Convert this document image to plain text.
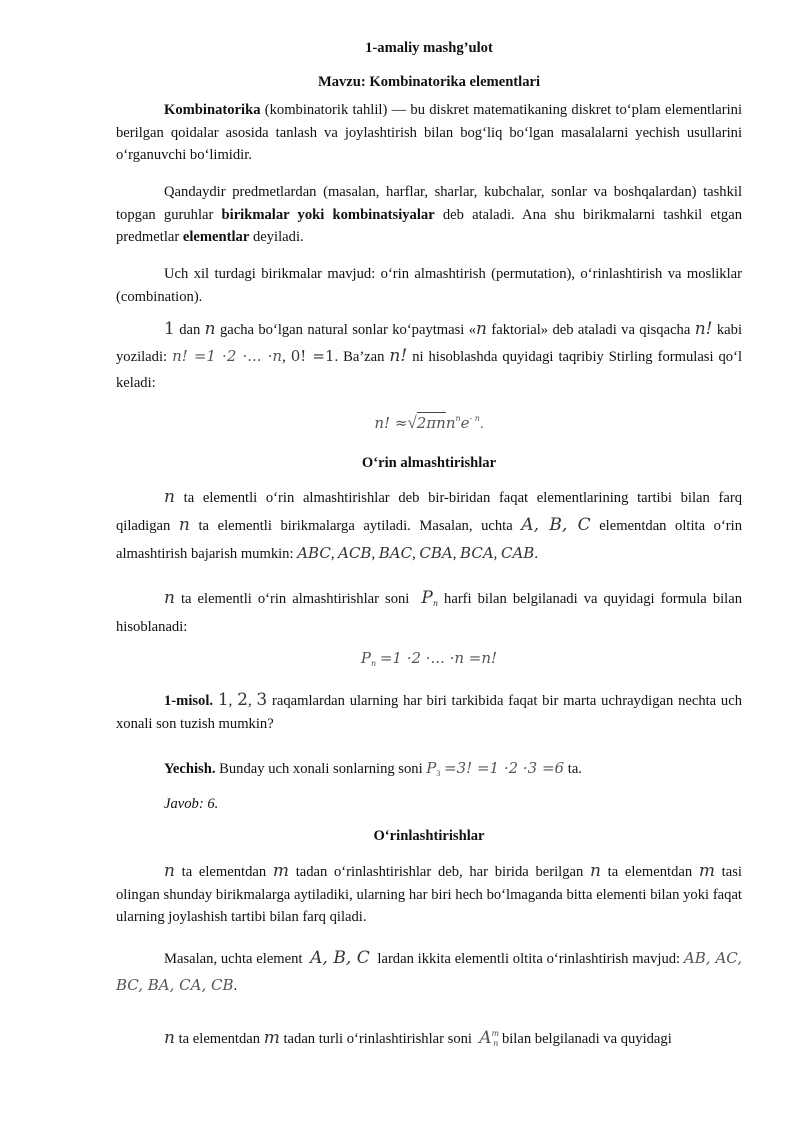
1-amaliy mashg’ulot
Mavzu: Kombinatorika elementlari

Kombinatorika (kombinatorik tahlil) — bu diskret matematikaning diskret to‘plam elementlarini berilgan qoidalar asosida tanlash va joylashtirish bilan bog‘liq bo‘lgan masalalarni yechish usullarini o‘rganuvchi bo‘limidir.

Qandaydir predmetlardan (masalan, harflar, sharlar, kubchalar, sonlar va boshqalardan) tashkil topgan guruhlar birikmalar yoki kombinatsiyalar deb ataladi. Ana shu birikmalarni tashkil etgan predmetlar elementlar deyiladi.

Uch xil turdagi birikmalar mavjud: o‘rin almashtirish (permutation), o‘rinlashtirish va mosliklar (combination).

1 dan n gacha bo‘lgan natural sonlar ko‘paytmasi «n faktorial» deb ataladi va qisqacha n! kabi yoziladi: n! =1 ·2 ·... ·n, 0! =1. Ba’zan n! ni hisoblashda quyidagi taqribiy Stirling formulasi qo‘l keladi:

n! $\approx√2\pi nn^ne^{- n}$.
O‘rin almashtirishlar

n ta elementli o‘rin almashtirishlar deb bir-biridan faqat elementlarining tartibi bilan farq qiladigan n ta elementli birikmalarga aytiladi. Masalan, uchta A, B, C elementdan oltita o‘rin almashtirish bajarish mumkin: ABC, ACB, BAC, CBA, BCA, CAB.

n ta elementli o‘rin almashtirishlar soni $P_n$ harfi bilan belgilanadi va quyidagi formula bilan hisoblanadi:

$P_n =1 \cdot 2$ ·... ·n =n!

1-misol. 1, 2, 3 raqamlardan ularning har biri tarkibida faqat bir marta uchraydigan nechta uch xonali son tuzish mumkin?

Yechish. Bunday uch xonali sonlarning soni $P_3 =3$! =1 ·2 ·3 =6 ta.

Javob: 6.

O‘rinlashtirishlar

n ta elementdan m tadan o‘rinlashtirishlar deb, har birida berilgan n ta elementdan m tasi olingan shunday birikmalarga aytiladiki, ularning har biri hech bo‘lmaganda bitta elementi bilan yoki faqat ularning joylashish tartibi bilan farq qiladi.

Masalan, uchta element A, B, C lardan ikkita elementli oltita o‘rinlashtirish mavjud: AB, AC, BC, BA, CA, CB.

n ta elementdan m tadan turli o‘rinlashtirishlar soni $A^m_n$ bilan belgilanadi va quyidagi
